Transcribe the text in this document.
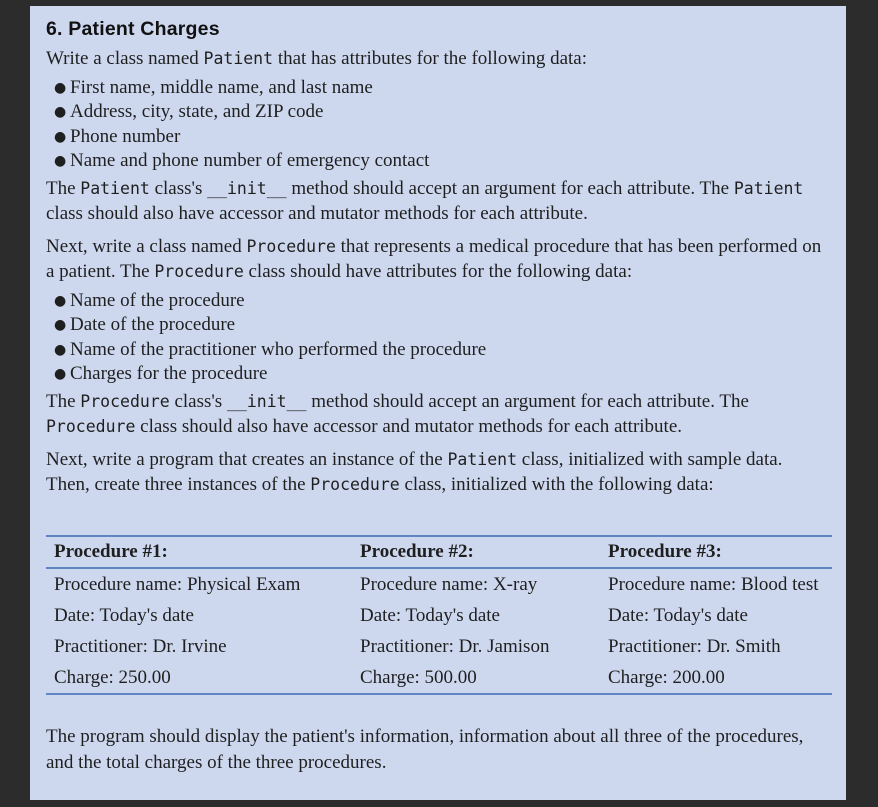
6. Patient Charges

Write a class named Patient that has attributes for the following data:

● First name, middle name, and last name
● Address, city, state, and ZIP code
● Phone number
● Name and phone number of emergency contact

The Patient class's __init__ method should accept an argument for each attribute. The Patient class should also have accessor and mutator methods for each attribute.

Next, write a class named Procedure that represents a medical procedure that has been performed on a patient. The Procedure class should have attributes for the following data:

● Name of the procedure
● Date of the procedure
● Name of the practitioner who performed the procedure
● Charges for the procedure

The Procedure class's __init__ method should accept an argument for each attribute. The Procedure class should also have accessor and mutator methods for each attribute.

Next, write a program that creates an instance of the Patient class, initialized with sample data. Then, create three instances of the Procedure class, initialized with the following data:

Procedure #1:	Procedure #2:	Procedure #3:
Procedure name: Physical Exam	Procedure name: X-ray	Procedure name: Blood test
Date: Today's date	Date: Today's date	Date: Today's date
Practitioner: Dr. Irvine	Practitioner: Dr. Jamison	Practitioner: Dr. Smith
Charge: 250.00	Charge: 500.00	Charge: 200.00

The program should display the patient's information, information about all three of the procedures, and the total charges of the three procedures.
